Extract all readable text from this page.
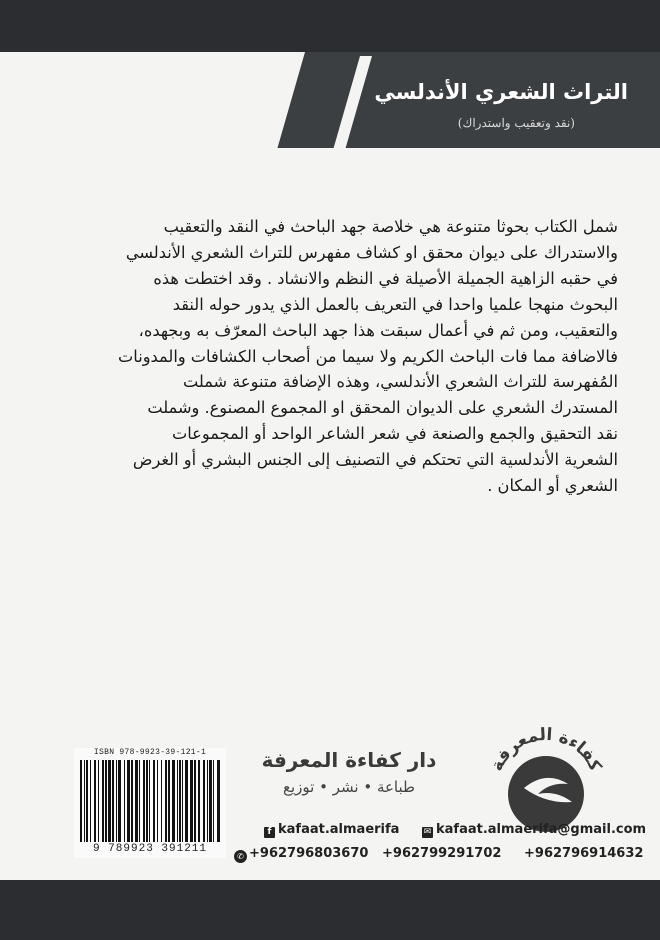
التراث الشعري الأندلسي
(نقد وتعقيب واستدراك)
شمل الكتاب بحوثا متنوعة هي خلاصة جهد الباحث في النقد والتعقيب
والاستدراك على ديوان محقق او كشاف مفهرس للتراث الشعري الأندلسي
في حقبه الزاهية الجميلة الأصيلة في النظم والانشاد . وقد اختطت هذه
البحوث منهجا علميا واحدا في التعريف بالعمل الذي يدور حوله النقد
والتعقيب، ومن ثم في أعمال سبقت هذا جهد الباحث المعرّف به وبجهده،
فالاضافة مما فات الباحث الكريم ولا سيما من أصحاب الكشافات والمدونات
المُفهرسة للتراث الشعري الأندلسي، وهذه الإضافة متنوعة شملت
المستدرك الشعري على الديوان المحقق او المجموع المصنوع. وشملت
نقد التحقيق والجمع والصنعة في شعر الشاعر الواحد أو المجموعات
الشعرية الأندلسية التي تحتكم في التصنيف إلى الجنس البشري أو الغرض
الشعري أو المكان .
ISBN 978-9923-39-121-1
9 789923 391211
دار كفاءة المعرفة
طباعة • نشر • توزيع
كفاءة المعرفة
f kafaat.almaerifa	✉ kafaat.almaerifa@gmail.com
✆ +962796803670 +962799291702 +962796914632
